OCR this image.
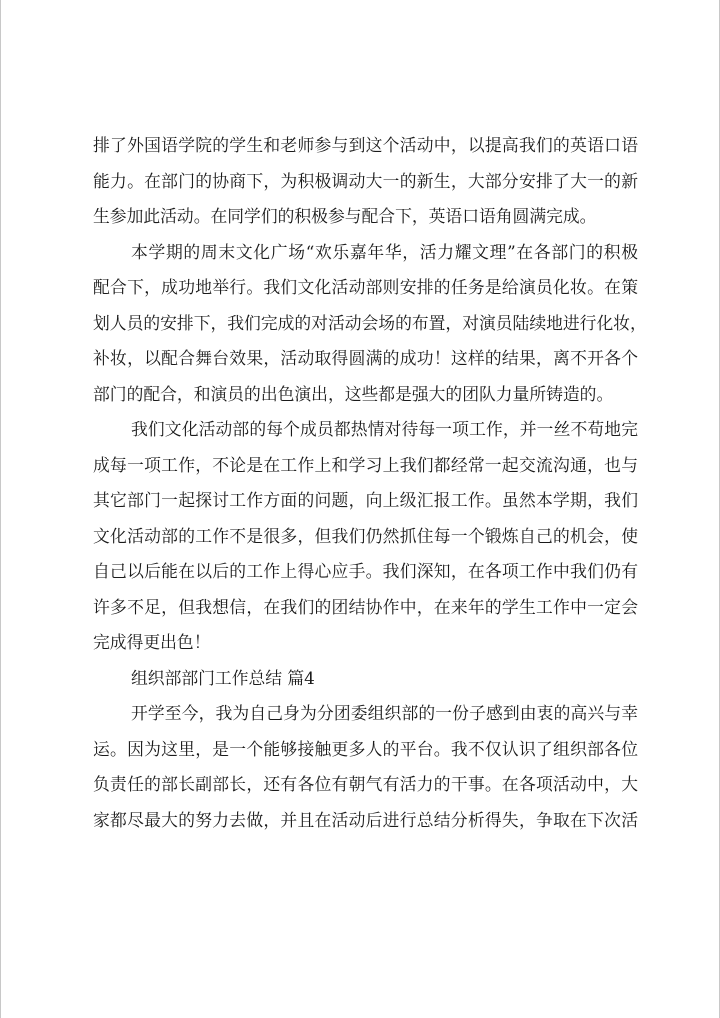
排了外国语学院的学生和老师参与到这个活动中，以提高我们的英语口语
能力。在部门的协商下，为积极调动大一的新生，大部分安排了大一的新
生参加此活动。在同学们的积极参与配合下，英语口语角圆满完成。
本学期的周末文化广场“欢乐嘉年华，活力耀文理”在各部门的积极
配合下，成功地举行。我们文化活动部则安排的任务是给演员化妆。在策
划人员的安排下，我们完成的对活动会场的布置，对演员陆续地进行化妆，
补妆，以配合舞台效果，活动取得圆满的成功！这样的结果，离不开各个
部门的配合，和演员的出色演出，这些都是强大的团队力量所铸造的。
我们文化活动部的每个成员都热情对待每一项工作，并一丝不苟地完
成每一项工作，不论是在工作上和学习上我们都经常一起交流沟通，也与
其它部门一起探讨工作方面的问题，向上级汇报工作。虽然本学期，我们
文化活动部的工作不是很多，但我们仍然抓住每一个锻炼自己的机会，使
自己以后能在以后的工作上得心应手。我们深知，在各项工作中我们仍有
许多不足，但我想信，在我们的团结协作中，在来年的学生工作中一定会
完成得更出色！
组织部部门工作总结 篇4
开学至今，我为自己身为分团委组织部的一份子感到由衷的高兴与幸
运。因为这里，是一个能够接触更多人的平台。我不仅认识了组织部各位
负责任的部长副部长，还有各位有朝气有活力的干事。在各项活动中，大
家都尽最大的努力去做，并且在活动后进行总结分析得失，争取在下次活
